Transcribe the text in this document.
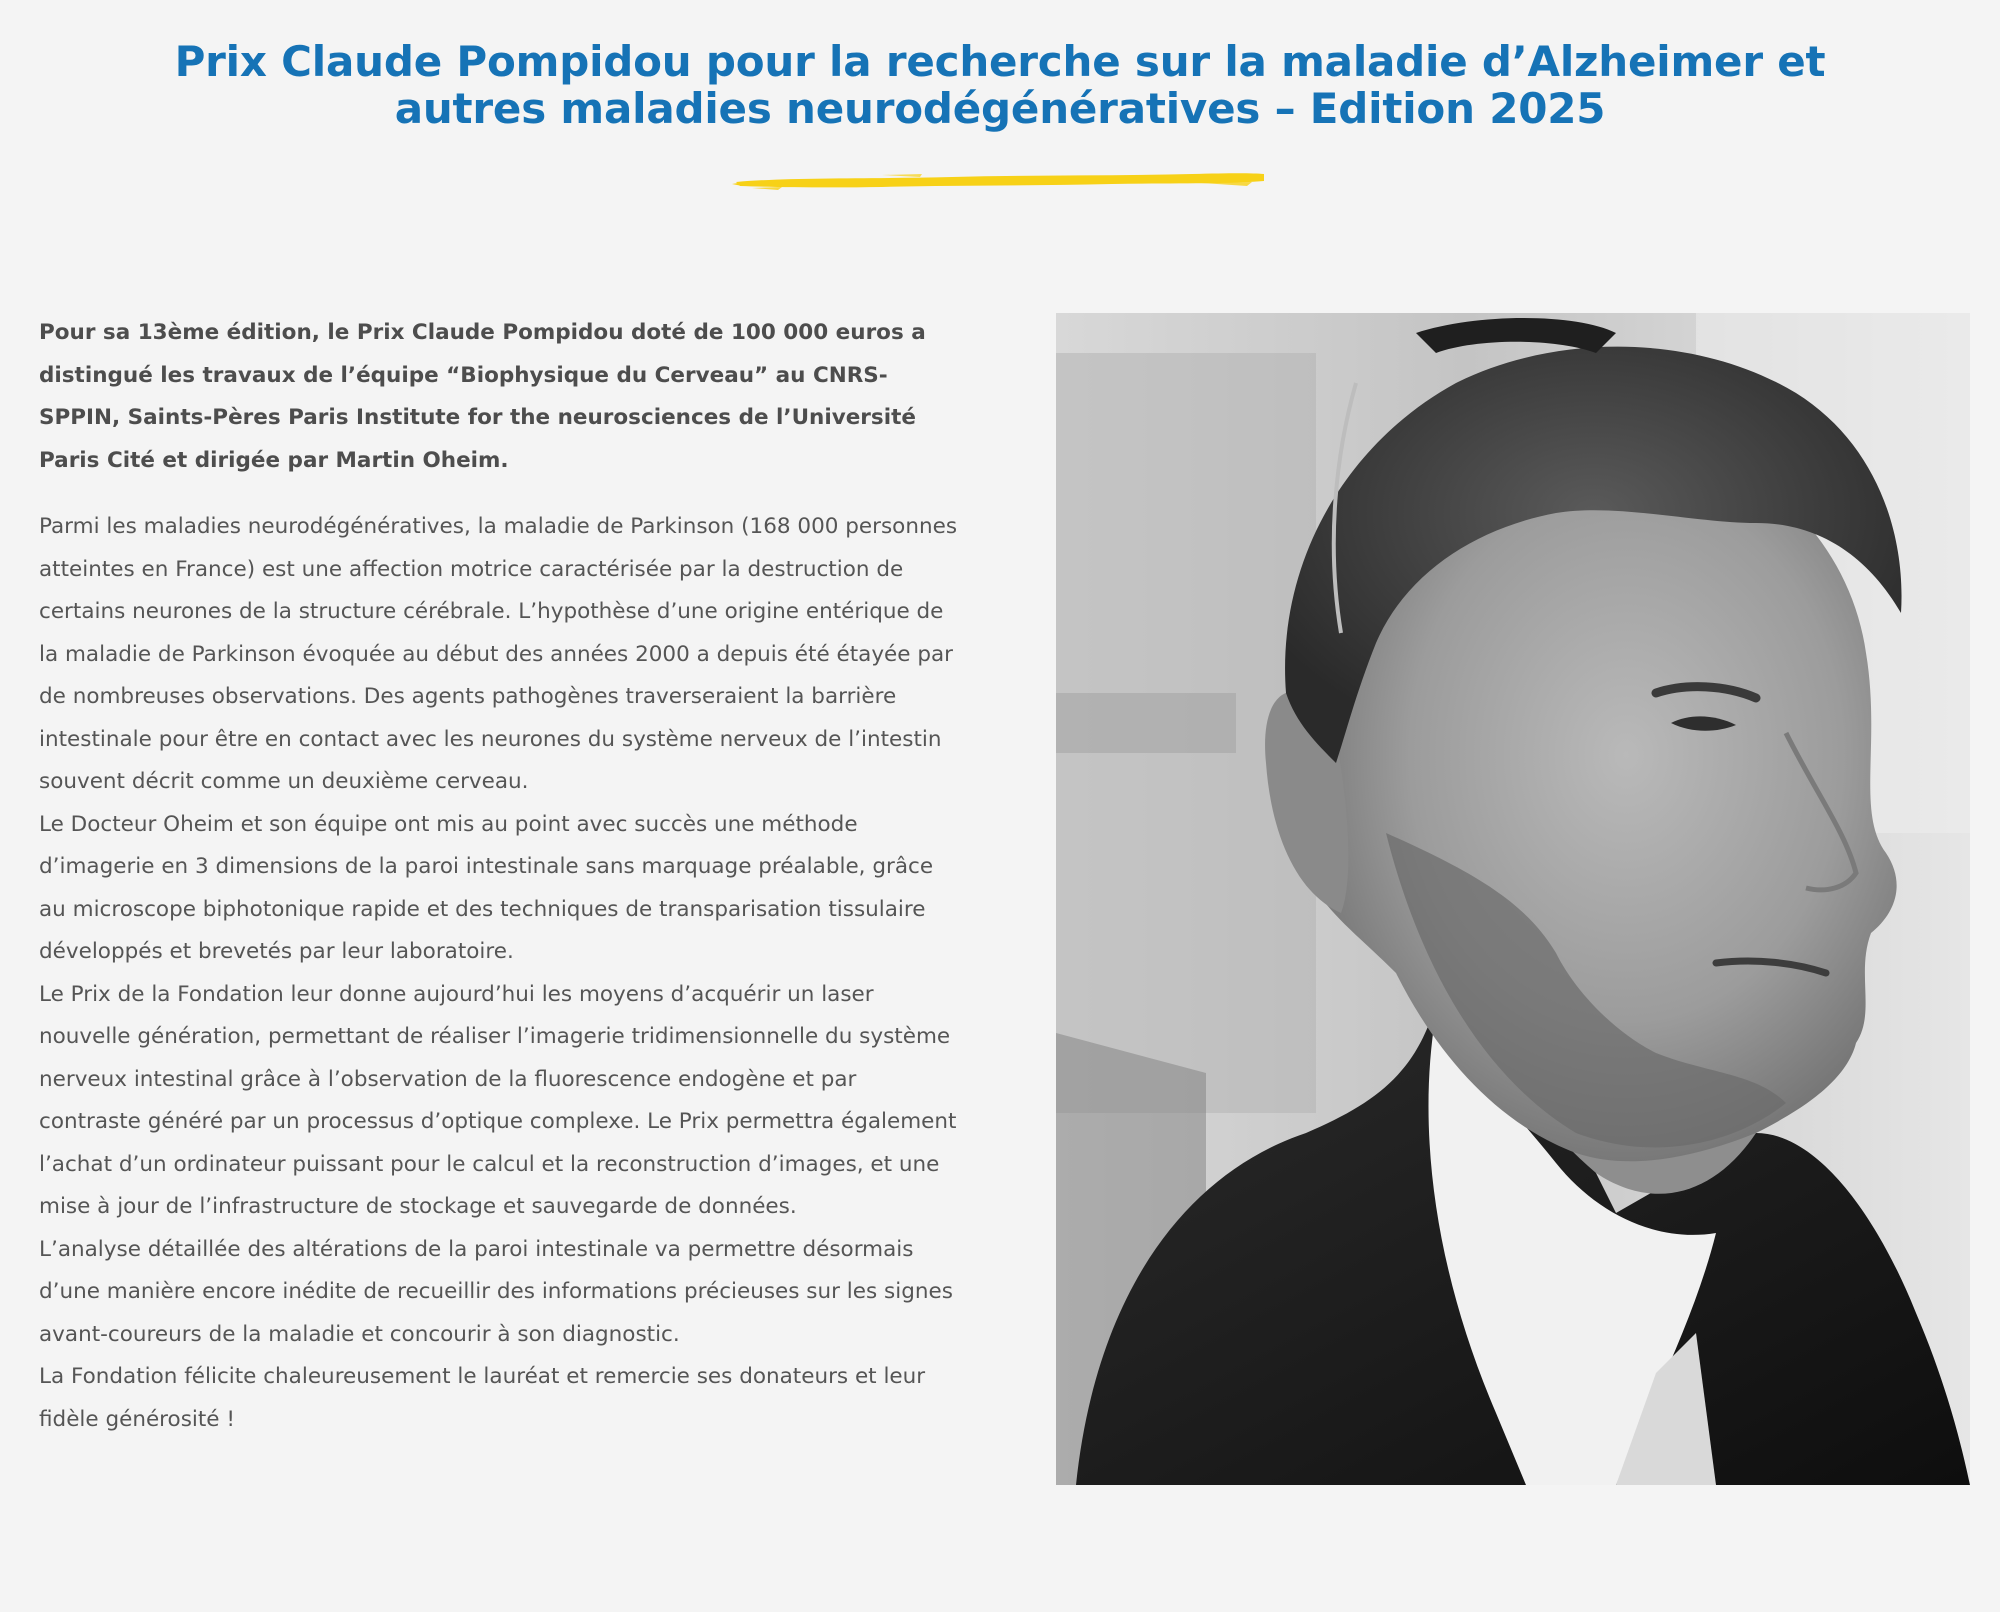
Prix Claude Pompidou pour la recherche sur la maladie d’Alzheimer et autres maladies neurodégénératives – Edition 2025

Pour sa 13ème édition, le Prix Claude Pompidou doté de 100 000 euros a distingué les travaux de l’équipe “Biophysique du Cerveau” au CNRS-SPPIN, Saints-Pères Paris Institute for the neurosciences de l’Université Paris Cité et dirigée par Martin Oheim.

Parmi les maladies neurodégénératives, la maladie de Parkinson (168 000 personnes atteintes en France) est une affection motrice caractérisée par la destruction de certains neurones de la structure cérébrale. L’hypothèse d’une origine entérique de la maladie de Parkinson évoquée au début des années 2000 a depuis été étayée par de nombreuses observations. Des agents pathogènes traverseraient la barrière intestinale pour être en contact avec les neurones du système nerveux de l’intestin souvent décrit comme un deuxième cerveau.

Le Docteur Oheim et son équipe ont mis au point avec succès une méthode d’imagerie en 3 dimensions de la paroi intestinale sans marquage préalable, grâce au microscope biphotonique rapide et des techniques de transparisation tissulaire développés et brevetés par leur laboratoire.

Le Prix de la Fondation leur donne aujourd’hui les moyens d’acquérir un laser nouvelle génération, permettant de réaliser l’imagerie tridimensionnelle du système nerveux intestinal grâce à l’observation de la fluorescence endogène et par contraste généré par un processus d’optique complexe. Le Prix permettra également l’achat d’un ordinateur puissant pour le calcul et la reconstruction d’images, et une mise à jour de l’infrastructure de stockage et sauvegarde de données.

L’analyse détaillée des altérations de la paroi intestinale va permettre désormais d’une manière encore inédite de recueillir des informations précieuses sur les signes avant-coureurs de la maladie et concourir à son diagnostic.

La Fondation félicite chaleureusement le lauréat et remercie ses donateurs et leur fidèle générosité !
